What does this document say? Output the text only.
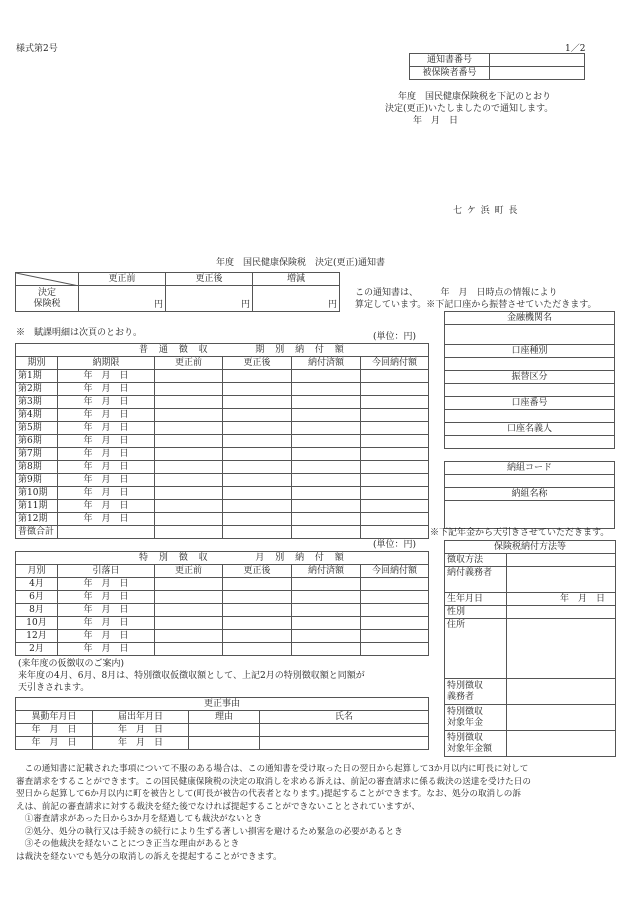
様式第2号	1／2
通知書番号	
被保険者番号	
年度　国民健康保険税を下記のとおり
決定(更正)いたしましたので通知します。
年　月　日
七 ケ 浜 町 長
年度　国民健康保険税　決定(更正)通知書
	更正前	更正後	増減
決定
保険税	円	円	円
この通知書は、　　　年　月　日時点の情報により
算定しています。※下記口座から振替させていただきます。
※　賦課明細は次頁のとおり。	(単位：円)
普 通 徴 収 期 別 納 付 額					
期別	納期限	更正前	更正後	納付済額	今回納付額
第1期	年　月　日				
第2期	年　月　日				
第3期	年　月　日				
第4期	年　月　日				
第5期	年　月　日				
第6期	年　月　日				
第7期	年　月　日				
第8期	年　月　日				
第9期	年　月　日				
第10期	年　月　日				
第11期	年　月　日				
第12期	年　月　日				
普徴合計					
(単位：円)
特 別 徴 収 月 別 納 付 額					
月別	引落日	更正前	更正後	納付済額	今回納付額
4月	年　月　日				
6月	年　月　日				
8月	年　月　日				
10月	年　月　日				
12月	年　月　日				
2月	年　月　日				
(来年度の仮徴収のご案内)
来年度の4月、6月、8月は、特別徴収仮徴収額として、上記2月の特別徴収額と同額が
天引きされます。
更正事由			
異動年月日	届出年月日	理由	氏名
年　月　日	年　月　日		
年　月　日	年　月　日		
金融機関名

口座種別

振替区分

口座番号

口座名義人

納組コード

納組名称

※下記年金から天引きさせていただきます。
保険税納付方法等	
徴収方法	
納付義務者	
生年月日	年　月　日
性別	
住所	
特別徴収
義務者	
特別徴収
対象年金	
特別徴収
対象年金額	
　この通知書に記載された事項について不服のある場合は、この通知書を受け取った日の翌日から起算して3か月以内に町長に対して
審査請求をすることができます。この国民健康保険税の決定の取消しを求める訴えは、前記の審査請求に係る裁決の送達を受けた日の
翌日から起算して6か月以内に町を被告として(町長が被告の代表者となります。)提起することができます。なお、処分の取消しの訴
えは、前記の審査請求に対する裁決を経た後でなければ提起することができないこととされていますが、
　①審査請求があった日から3か月を経過しても裁決がないとき
　②処分、処分の執行又は手続きの続行により生ずる著しい損害を避けるため緊急の必要があるとき
　③その他裁決を経ないことにつき正当な理由があるとき
は裁決を経ないでも処分の取消しの訴えを提起することができます。
